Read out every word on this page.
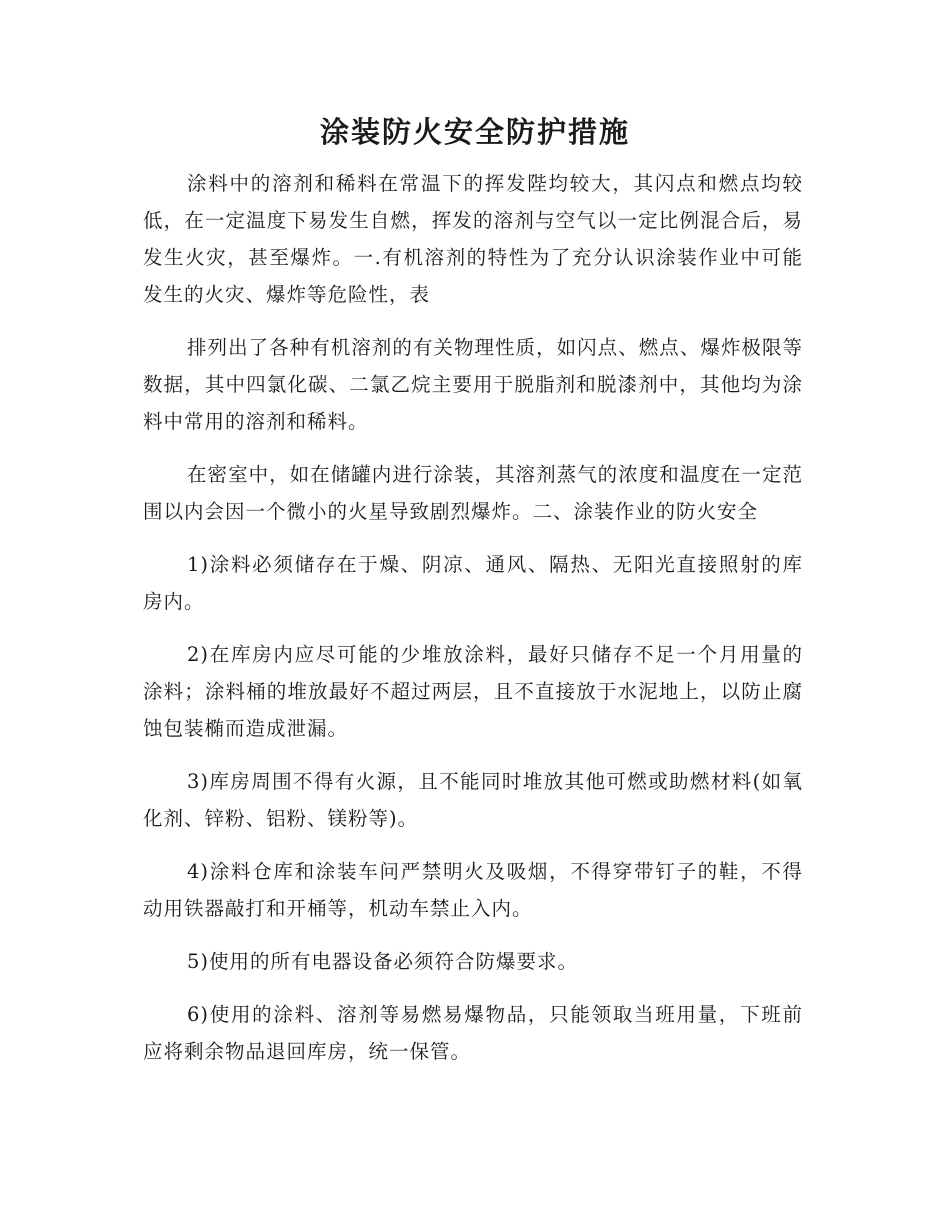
涂装防火安全防护措施

涂料中的溶剂和稀料在常温下的挥发陛均较大，其闪点和燃点均较低，在一定温度下易发生自燃，挥发的溶剂与空气以一定比例混合后，易发生火灾，甚至爆炸。一.有机溶剂的特性为了充分认识涂装作业中可能发生的火灾、爆炸等危险性，表

排列出了各种有机溶剂的有关物理性质，如闪点、燃点、爆炸极限等数据，其中四氯化碳、二氯乙烷主要用于脱脂剂和脱漆剂中，其他均为涂料中常用的溶剂和稀料。

在密室中，如在储罐内进行涂装，其溶剂蒸气的浓度和温度在一定范围以内会因一个微小的火星导致剧烈爆炸。二、涂装作业的防火安全

1)涂料必须储存在于燥、阴凉、通风、隔热、无阳光直接照射的库房内。

2)在库房内应尽可能的少堆放涂料，最好只储存不足一个月用量的涂料；涂料桶的堆放最好不超过两层，且不直接放于水泥地上，以防止腐蚀包装椭而造成泄漏。

3)库房周围不得有火源，且不能同时堆放其他可燃或助燃材料(如氧化剂、锌粉、铝粉、镁粉等)。

4)涂料仓库和涂装车问严禁明火及吸烟，不得穿带钉子的鞋，不得动用铁器敲打和开桶等，机动车禁止入内。

5)使用的所有电器设备必须符合防爆要求。

6)使用的涂料、溶剂等易燃易爆物品，只能领取当班用量，下班前应将剩余物品退回库房，统一保管。
